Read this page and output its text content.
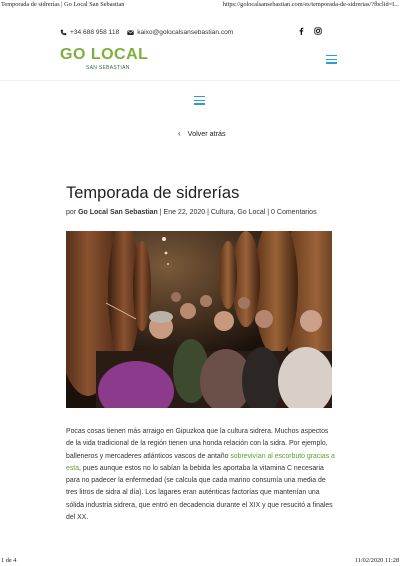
Temporada de sidrerías | Go Local San Sebastian	https://golocalsansebastian.com/es/temporada-de-sidrerias/?fbclid=I...
+34 688 958 118	kaixo@golocalsansebastian.com
GO LOCAL
SAN SEBASTIAN
‹ Volver atrás
Temporada de sidrerías
por Go Local San Sebastian | Ene 22, 2020 | Cultura, Go Local | 0 Comentarios

Pocas cosas tienen más arraigo en Gipuzkoa que la cultura sidrera. Muchos aspectos de la vida tradicional de la región tienen una honda relación con la sidra. Por ejemplo, balleneros y mercaderes atlánticos vascos de antaño sobrevivían al escorbuto gracias a esta, pues aunque estos no lo sabían la bebida les aportaba la vitamina C necesaria para no padecer la enfermedad (se calcula que cada marino consumía una media de tres litros de sidra al día). Los lagares eran auténticas factorías que mantenían una sólida industria sidrera, que entró en decadencia durante el XIX y que resucitó a finales del XX.

1 de 4	11/02/2020 11:28
